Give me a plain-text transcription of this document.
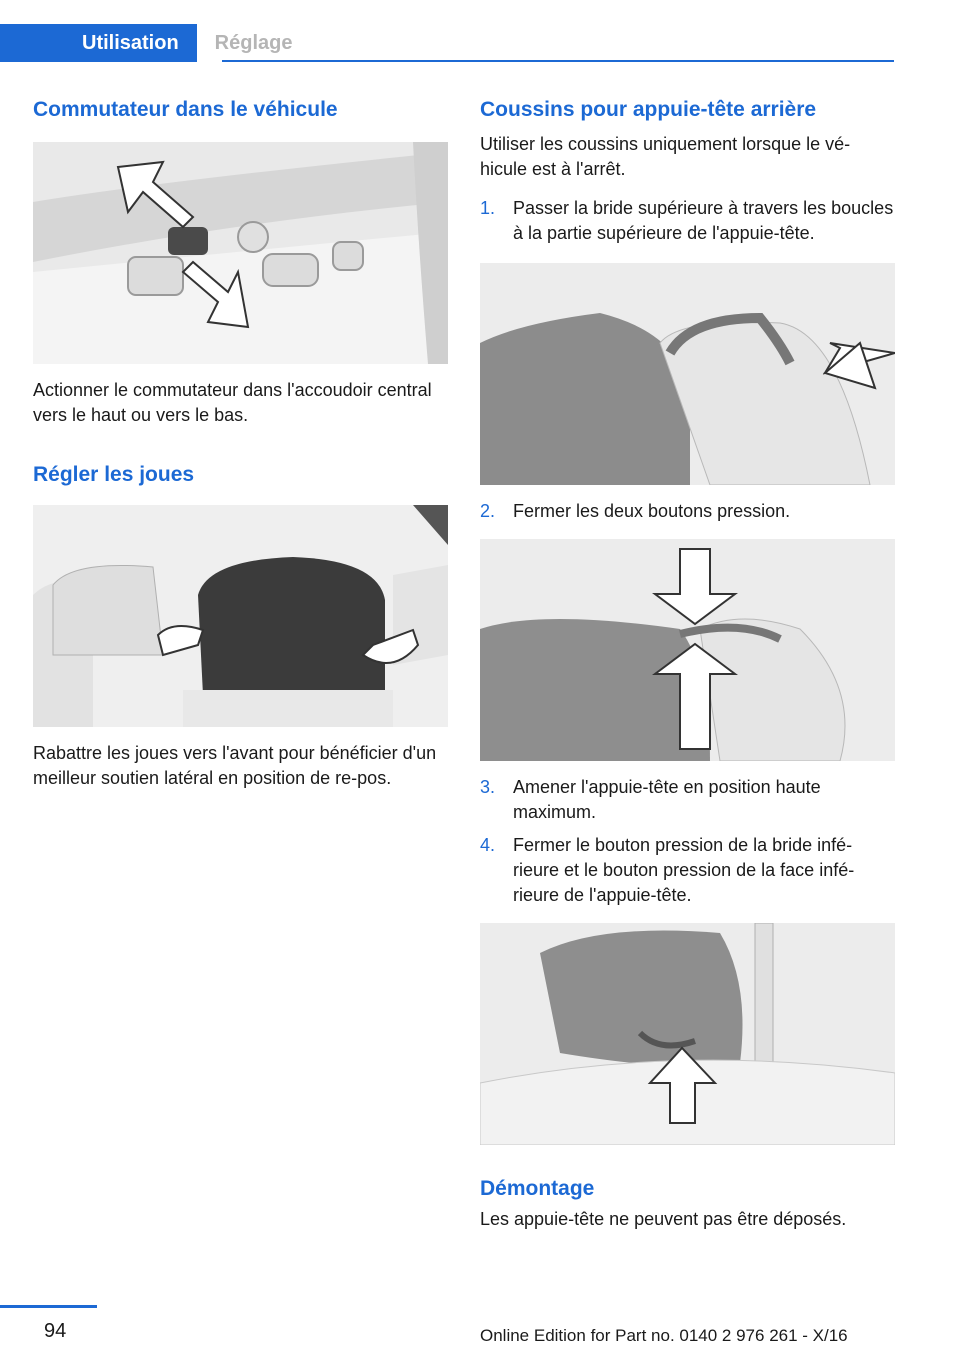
Utilisation	Réglage
Commutateur dans le véhicule

Actionner le commutateur dans l'accoudoir central vers le haut ou vers le bas.

Régler les joues

Rabattre les joues vers l'avant pour bénéficier d'un meilleur soutien latéral en position de re-pos.

Coussins pour appuie-tête arrière

Utiliser les coussins uniquement lorsque le vé-hicule est à l'arrêt.

1. Passer la bride supérieure à travers les boucles à la partie supérieure de l'appuie-tête.
2. Fermer les deux boutons pression.
3. Amener l'appuie-tête en position haute maximum.
4. Fermer le bouton pression de la bride infé-rieure et le bouton pression de la face infé-rieure de l'appuie-tête.
Démontage

Les appuie-tête ne peuvent pas être déposés.

94	Online Edition for Part no. 0140 2 976 261 - X/16
